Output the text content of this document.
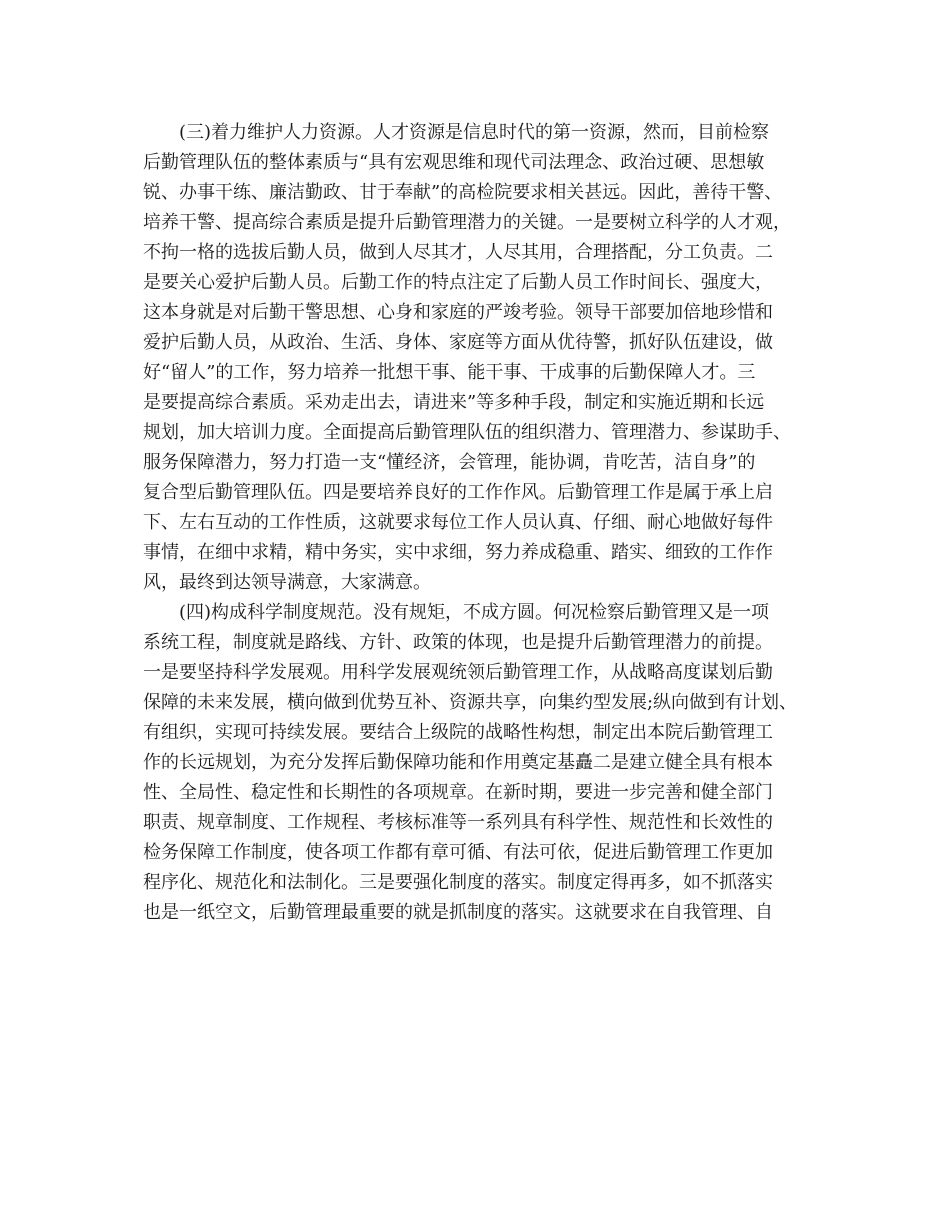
(三)着力维护人力资源。人才资源是信息时代的第一资源，然而，目前检察
后勤管理队伍的整体素质与“具有宏观思维和现代司法理念、政治过硬、思想敏
锐、办事干练、廉洁勤政、甘于奉献”的高检院要求相关甚远。因此，善待干警、
培养干警、提高综合素质是提升后勤管理潜力的关键。一是要树立科学的人才观，
不拘一格的选拔后勤人员，做到人尽其才，人尽其用，合理搭配，分工负责。二
是要关心爱护后勤人员。后勤工作的特点注定了后勤人员工作时间长、强度大，
这本身就是对后勤干警思想、心身和家庭的严竣考验。领导干部要加倍地珍惜和
爱护后勤人员，从政治、生活、身体、家庭等方面从优待警，抓好队伍建设，做
好“留人”的工作，努力培养一批想干事、能干事、干成事的后勤保障人才。三
是要提高综合素质。采劝走出去，请进来”等多种手段，制定和实施近期和长远
规划，加大培训力度。全面提高后勤管理队伍的组织潜力、管理潜力、参谋助手、
服务保障潜力，努力打造一支“懂经济，会管理，能协调，肯吃苦，洁自身”的
复合型后勤管理队伍。四是要培养良好的工作作风。后勤管理工作是属于承上启
下、左右互动的工作性质，这就要求每位工作人员认真、仔细、耐心地做好每件
事情，在细中求精，精中务实，实中求细，努力养成稳重、踏实、细致的工作作
风，最终到达领导满意，大家满意。
(四)构成科学制度规范。没有规矩，不成方圆。何况检察后勤管理又是一项
系统工程，制度就是路线、方针、政策的体现，也是提升后勤管理潜力的前提。
一是要坚持科学发展观。用科学发展观统领后勤管理工作，从战略高度谋划后勤
保障的未来发展，横向做到优势互补、资源共享，向集约型发展;纵向做到有计划、
有组织，实现可持续发展。要结合上级院的战略性构想，制定出本院后勤管理工
作的长远规划，为充分发挥后勤保障功能和作用奠定基矗二是建立健全具有根本
性、全局性、稳定性和长期性的各项规章。在新时期，要进一步完善和健全部门
职责、规章制度、工作规程、考核标准等一系列具有科学性、规范性和长效性的
检务保障工作制度，使各项工作都有章可循、有法可依，促进后勤管理工作更加
程序化、规范化和法制化。三是要强化制度的落实。制度定得再多，如不抓落实
也是一纸空文，后勤管理最重要的就是抓制度的落实。这就要求在自我管理、自
